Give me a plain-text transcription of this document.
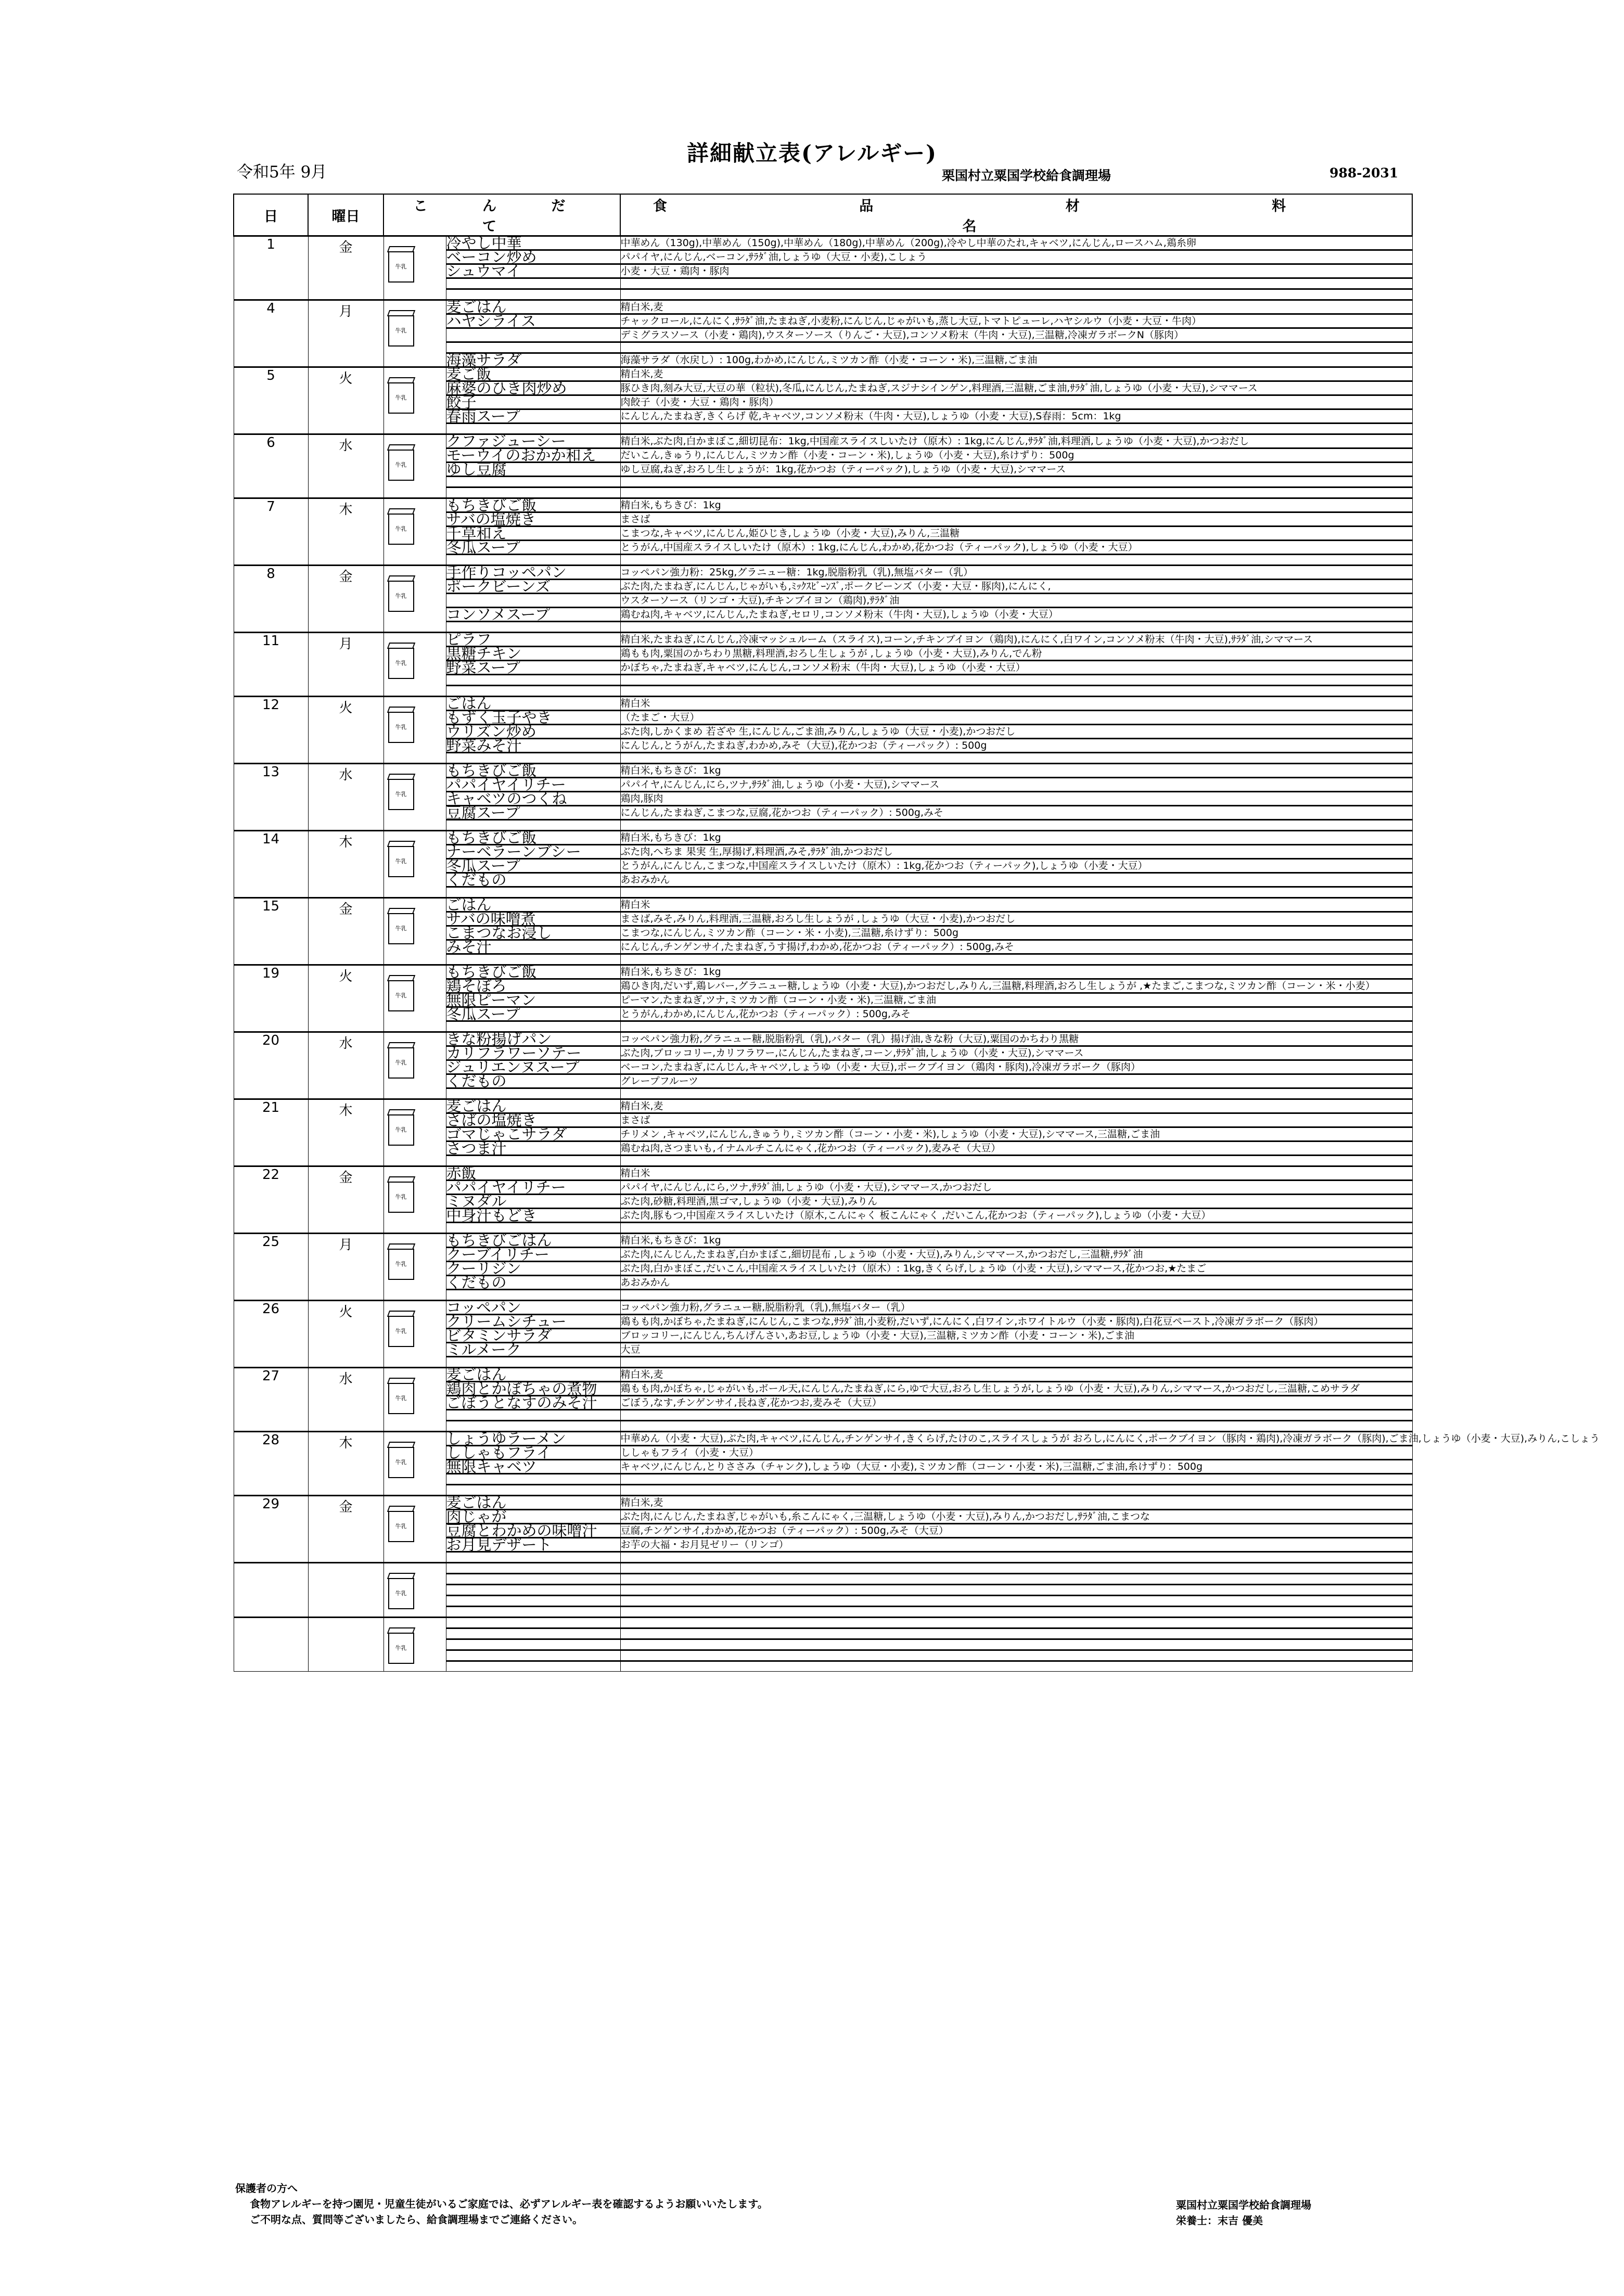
詳細献立表(アレルギー)
令和5年 9月	栗国村立粟国学校給食調理場	988-2031
日	曜日	こ ん だ て		食 品 材 料 名
1	金	牛乳	冷やし中華	中華めん（130g),中華めん（150g),中華めん（180g),中華めん（200g),冷やし中華のたれ,キャベツ,にんじん,ロースハム,鶏糸卵
			ベーコン炒め	パパイヤ,にんじん,ベーコン,ｻﾗﾀﾞ油,しょうゆ（大豆・小麦),こしょう
			シュウマイ	小麦・大豆・鶏肉・豚肉

4	月	牛乳	麦ごはん	精白米,麦
			ハヤシライス	チャックロール,にんにく,ｻﾗﾀﾞ油,たまねぎ,小麦粉,にんじん,じゃがいも,蒸し大豆,トマトピューレ,ハヤシルウ（小麦・大豆・牛肉）
				デミグラスソース（小麦・鶏肉),ウスターソース（りんご・大豆),コンソメ粉末（牛肉・大豆),三温糖,冷凍ガラボークN（豚肉）

			海藻サラダ	海藻サラダ（水戻し）: 100g,わかめ,にんじん,ミツカン酢（小麦・コーン・米),三温糖,ごま油
5	火	牛乳	麦ご飯	精白米,麦
			麻婆のひき肉炒め	豚ひき肉,刻み大豆,大豆の華（粒状),冬瓜,にんじん,たまねぎ,スジナシインゲン,料理酒,三温糖,ごま油,ｻﾗﾀﾞ油,しょうゆ（小麦・大豆),シママース
			餃子	肉餃子（小麦・大豆・鶏肉・豚肉）
			春雨スープ	にんじん,たまねぎ,きくらげ 乾,キャベツ,コンソメ粉末（牛肉・大豆),しょうゆ（小麦・大豆),S春雨：5cm：1kg

6	水	牛乳	クファジューシー	精白米,ぶた肉,白かまぼこ,細切昆布：1kg,中国産スライスしいたけ（原木）: 1kg,にんじん,ｻﾗﾀﾞ油,料理酒,しょうゆ（小麦・大豆),かつおだし
			モーウイのおかか和え	だいこん,きゅうり,にんじん,ミツカン酢（小麦・コーン・米),しょうゆ（小麦・大豆),糸けずり：500g
			ゆし豆腐	ゆし豆腐,ねぎ,おろし生しょうが：1kg,花かつお（ティーパック),しょうゆ（小麦・大豆),シママース

7	木	牛乳	もちきびご飯	精白米,もちきび：1kg
			サバの塩焼き	まさば
			千草和え	こまつな,キャベツ,にんじん,姫ひじき,しょうゆ（小麦・大豆),みりん,三温糖
			冬瓜スープ	とうがん,中国産スライスしいたけ（原木）: 1kg,にんじん,わかめ,花かつお（ティーパック),しょうゆ（小麦・大豆）

8	金	牛乳	手作りコッペパン	コッペパン強力粉：25kg,グラニュー糖：1kg,脱脂粉乳（乳),無塩バター（乳）
			ポークビーンズ	ぶた肉,たまねぎ,にんじん,じゃがいも,ﾐｯｸｽﾋﾞｰﾝｽﾞ,ポークビーンズ（小麦・大豆・豚肉),にんにく,
				ウスターソース（リンゴ・大豆),チキンブイヨン（鶏肉),ｻﾗﾀﾞ油
			コンソメスープ	鶏むね肉,キャベツ,にんじん,たまねぎ,セロリ,コンソメ粉末（牛肉・大豆),しょうゆ（小麦・大豆）

11	月	牛乳	ピラフ	精白米,たまねぎ,にんじん,冷凍マッシュルーム（スライス),コーン,チキンブイヨン（鶏肉),にんにく,白ワイン,コンソメ粉末（牛肉・大豆),ｻﾗﾀﾞ油,シママース
			黒糖チキン	鶏もも肉,粟国のかちわり黒糖,料理酒,おろし生しょうが ,しょうゆ（小麦・大豆),みりん,でん粉
			野菜スープ	かぼちゃ,たまねぎ,キャベツ,にんじん,コンソメ粉末（牛肉・大豆),しょうゆ（小麦・大豆）

12	火	牛乳	ごはん	精白米
			もずく玉子やき	（たまご・大豆）
			ウリズン炒め	ぶた肉,しかくまめ 若ざや 生,にんじん,ごま油,みりん,しょうゆ（大豆・小麦),かつおだし
			野菜みそ汁	にんじん,とうがん,たまねぎ,わかめ,みそ（大豆),花かつお（ティーパック）: 500g

13	水	牛乳	もちきびご飯	精白米,もちきび：1kg
			パパイヤイリチー	パパイヤ,にんじん,にら,ツナ,ｻﾗﾀﾞ油,しょうゆ（小麦・大豆),シママース
			キャベツのつくね	鶏肉,豚肉
			豆腐スープ	にんじん,たまねぎ,こまつな,豆腐,花かつお（ティーパック）: 500g,みそ

14	木	牛乳	もちきびご飯	精白米,もちきび：1kg
			ナーベラーンブシー	ぶた肉,へちま 果実 生,厚揚げ,料理酒,みそ,ｻﾗﾀﾞ油,かつおだし
			冬瓜スープ	とうがん,にんじん,こまつな,中国産スライスしいたけ（原木）: 1kg,花かつお（ティーパック),しょうゆ（小麦・大豆）
			くだもの	あおみかん

15	金	牛乳	ごはん	精白米
			サバの味噌煮	まさば,みそ,みりん,料理酒,三温糖,おろし生しょうが ,しょうゆ（大豆・小麦),かつおだし
			こまつなお浸し	こまつな,にんじん,ミツカン酢（コーン・米・小麦),三温糖,糸けずり：500g
			みそ汁	にんじん,チンゲンサイ,たまねぎ,うす揚げ,わかめ,花かつお（ティーパック）: 500g,みそ

19	火	牛乳	もちきびご飯	精白米,もちきび：1kg
			鶏そぼろ	鶏ひき肉,だいず,鶏レバー,グラニュー糖,しょうゆ（小麦・大豆),かつおだし,みりん,三温糖,料理酒,おろし生しょうが ,★たまご,こまつな,ミツカン酢（コーン・米・小麦）
			無限ピーマン	ピーマン,たまねぎ,ツナ,ミツカン酢（コーン・小麦・米),三温糖,ごま油
			冬瓜スープ	とうがん,わかめ,にんじん,花かつお（ティーパック）: 500g,みそ

20	水	牛乳	きな粉揚げパン	コッペパン強力粉,グラニュー糖,脱脂粉乳（乳),バター（乳）揚げ油,きな粉（大豆),粟国のかちわり黒糖
			カリフラワーソテー	ぶた肉,ブロッコリー,カリフラワー,にんじん,たまねぎ,コーン,ｻﾗﾀﾞ油,しょうゆ（小麦・大豆),シママース
			ジュリエンヌスープ	ベーコン,たまねぎ,にんじん,キャベツ,しょうゆ（小麦・大豆),ポークブイヨン（鶏肉・豚肉),冷凍ガラボーク（豚肉）
			くだもの	グレープフルーツ

21	木	牛乳	麦ごはん	精白米,麦
			さばの塩焼き	まさば
			ゴマじゃこサラダ	チリメン ,キャベツ,にんじん,きゅうり,ミツカン酢（コーン・小麦・米),しょうゆ（小麦・大豆),シママース,三温糖,ごま油
			さつま汁	鶏むね肉,さつまいも,イナムルチこんにゃく,花かつお（ティーパック),麦みそ（大豆）

22	金	牛乳	赤飯	精白米
			パパイヤイリチー	パパイヤ,にんじん,にら,ツナ,ｻﾗﾀﾞ油,しょうゆ（小麦・大豆),シママース,かつおだし
			ミヌダル	ぶた肉,砂糖,料理酒,黒ゴマ,しょうゆ（小麦・大豆),みりん
			中身汁もどき	ぶた肉,豚もつ,中国産スライスしいたけ（原木,こんにゃく 板こんにゃく ,だいこん,花かつお（ティーパック),しょうゆ（小麦・大豆）

25	月	牛乳	もちきびごはん	精白米,もちきび：1kg
			クーブイリチー	ぶた肉,にんじん,たまねぎ,白かまぼこ,細切昆布 ,しょうゆ（小麦・大豆),みりん,シママース,かつおだし,三温糖,ｻﾗﾀﾞ油
			クーリジン	ぶた肉,白かまぼこ,だいこん,中国産スライスしいたけ（原木）: 1kg,きくらげ,しょうゆ（小麦・大豆),シママース,花かつお,★たまご
			くだもの	あおみかん

26	火	牛乳	コッペパン	コッペパン強力粉,グラニュー糖,脱脂粉乳（乳),無塩バター（乳）
			クリームシチュー	鶏もも肉,かぼちゃ,たまねぎ,にんじん,こまつな,ｻﾗﾀﾞ油,小麦粉,だいず,にんにく,白ワイン,ホワイトルウ（小麦・豚肉),白花豆ペースト,冷凍ガラボーク（豚肉）
			ビタミンサラダ	ブロッコリー,にんじん,ちんげんさい,あお豆,しょうゆ（小麦・大豆),三温糖,ミツカン酢（小麦・コーン・米),ごま油
			ミルメーク	大豆

27	水	牛乳	麦ごはん	精白米,麦
			鶏肉とかぼちゃの煮物	鶏もも肉,かぼちゃ,じゃがいも,ボール天,にんじん,たまねぎ,にら,ゆで大豆,おろし生しょうが,しょうゆ（小麦・大豆),みりん,シママース,かつおだし,三温糖,こめサラダ
			ごぼうとなすのみそ汁	ごぼう,なす,チンゲンサイ,長ねぎ,花かつお,麦みそ（大豆）

28	木	牛乳	しょうゆラーメン	中華めん（小麦・大豆),ぶた肉,キャベツ,にんじん,チンゲンサイ,きくらげ,たけのこ,スライスしょうが おろし,にんにく,ポークブイヨン（豚肉・鶏肉),冷凍ガラボーク（豚肉),ごま油,しょうゆ（小麦・大豆),みりん,こしょう
			ししゃもフライ	ししゃもフライ（小麦・大豆）
			無限キャベツ	キャベツ,にんじん,とりささみ（チャンク),しょうゆ（大豆・小麦),ミツカン酢（コーン・小麦・米),三温糖,ごま油,糸けずり：500g

29	金	牛乳	麦ごはん	精白米,麦
			肉じゃが	ぶた肉,にんじん,たまねぎ,じゃがいも,糸こんにゃく,三温糖,しょうゆ（小麦・大豆),みりん,かつおだし,ｻﾗﾀﾞ油,こまつな
			豆腐とわかめの味噌汁	豆腐,チンゲンサイ,わかめ,花かつお（ティーパック）: 500g,みそ（大豆）
			お月見デザート	お芋の大福・お月見ゼリー（リンゴ）

		牛乳		

		牛乳		

保護者の方へ
食物アレルギーを持つ園児・児童生徒がいるご家庭では、必ずアレルギー表を確認するようお願いいたします。
ご不明な点、質問等ございましたら、給食調理場までご連絡ください。
粟国村立粟国学校給食調理場
栄養士：末吉 優美
